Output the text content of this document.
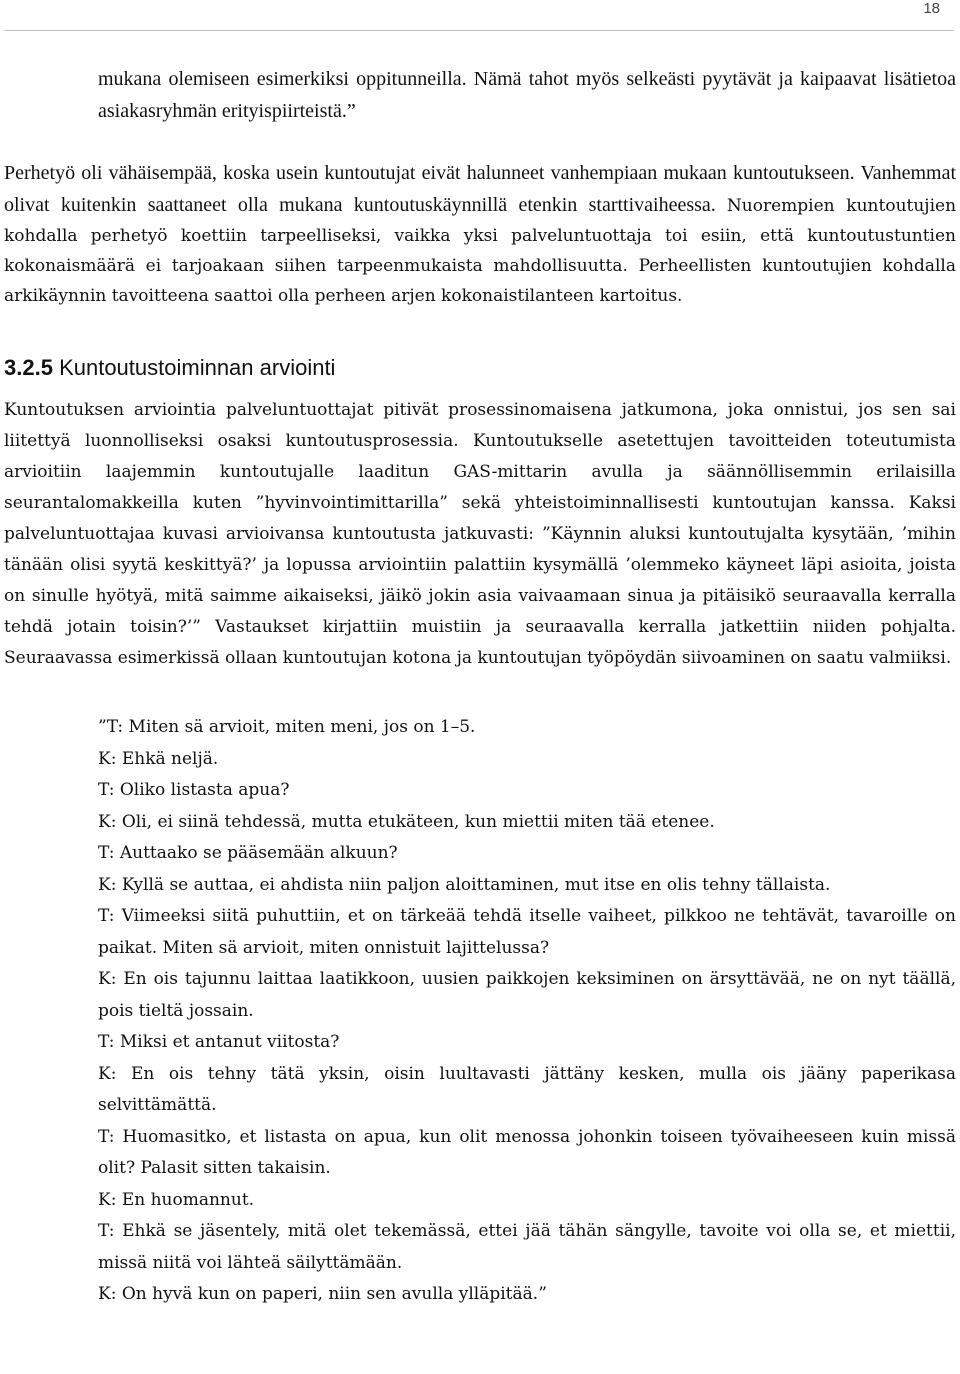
18

mukana olemiseen esimerkiksi oppitunneilla. Nämä tahot myös selkeästi pyytävät ja kaipaavat lisätietoa asiakasryhmän erityispiirteistä.”

Perhetyö oli vähäisempää, koska usein kuntoutujat eivät halunneet vanhempiaan mukaan kuntoutukseen. Vanhemmat olivat kuitenkin saattaneet olla mukana kuntoutuskäynnillä etenkin starttivaiheessa. Nuorempien kuntoutujien kohdalla perhetyö koettiin tarpeelliseksi, vaikka yksi palveluntuottaja toi esiin, että kuntoutustuntien kokonaismäärä ei tarjoakaan siihen tarpeenmukaista mahdollisuutta. Perheellisten kuntoutujien kohdalla arkikäynnin tavoitteena saattoi olla perheen arjen kokonaistilanteen kartoitus.

3.2.5 Kuntoutustoiminnan arviointi

Kuntoutuksen arviointia palveluntuottajat pitivät prosessinomaisena jatkumona, joka onnistui, jos sen sai liitettyä luonnolliseksi osaksi kuntoutusprosessia. Kuntoutukselle asetettujen tavoitteiden toteutumista arvioitiin laajemmin kuntoutujalle laaditun GAS-mittarin avulla ja säännöllisemmin erilaisilla seurantalomakkeilla kuten ”hyvinvointimittarilla” sekä yhteistoiminnallisesti kuntoutujan kanssa. Kaksi palveluntuottajaa kuvasi arvioivansa kuntoutusta jatkuvasti: ”Käynnin aluksi kuntoutujalta kysytään, ’mihin tänään olisi syytä keskittyä?’ ja lopussa arviointiin palattiin kysymällä ’olemmeko käyneet läpi asioita, joista on sinulle hyötyä, mitä saimme aikaiseksi, jäikö jokin asia vaivaamaan sinua ja pitäisikö seuraavalla kerralla tehdä jotain toisin?’” Vastaukset kirjattiin muistiin ja seuraavalla kerralla jatkettiin niiden pohjalta. Seuraavassa esimerkissä ollaan kuntoutujan kotona ja kuntoutujan työpöydän siivoaminen on saatu valmiiksi.

”T: Miten sä arvioit, miten meni, jos on 1–5.
K: Ehkä neljä.
T: Oliko listasta apua?
K: Oli, ei siinä tehdessä, mutta etukäteen, kun miettii miten tää etenee.
T: Auttaako se pääsemään alkuun?
K: Kyllä se auttaa, ei ahdista niin paljon aloittaminen, mut itse en olis tehny tällaista.
T: Viimeeksi siitä puhuttiin, et on tärkeää tehdä itselle vaiheet, pilkkoo ne tehtävät, tavaroille on paikat. Miten sä arvioit, miten onnistuit lajittelussa?
K: En ois tajunnu laittaa laatikkoon, uusien paikkojen keksiminen on ärsyttävää, ne on nyt täällä, pois tieltä jossain.
T: Miksi et antanut viitosta?
K: En ois tehny tätä yksin, oisin luultavasti jättäny kesken, mulla ois jääny paperikasa selvittämättä.
T: Huomasitko, et listasta on apua, kun olit menossa johonkin toiseen työvaiheeseen kuin missä olit? Palasit sitten takaisin.
K: En huomannut.
T: Ehkä se jäsentely, mitä olet tekemässä, ettei jää tähän sängylle, tavoite voi olla se, et miettii, missä niitä voi lähteä säilyttämään.
K: On hyvä kun on paperi, niin sen avulla ylläpitää.”
